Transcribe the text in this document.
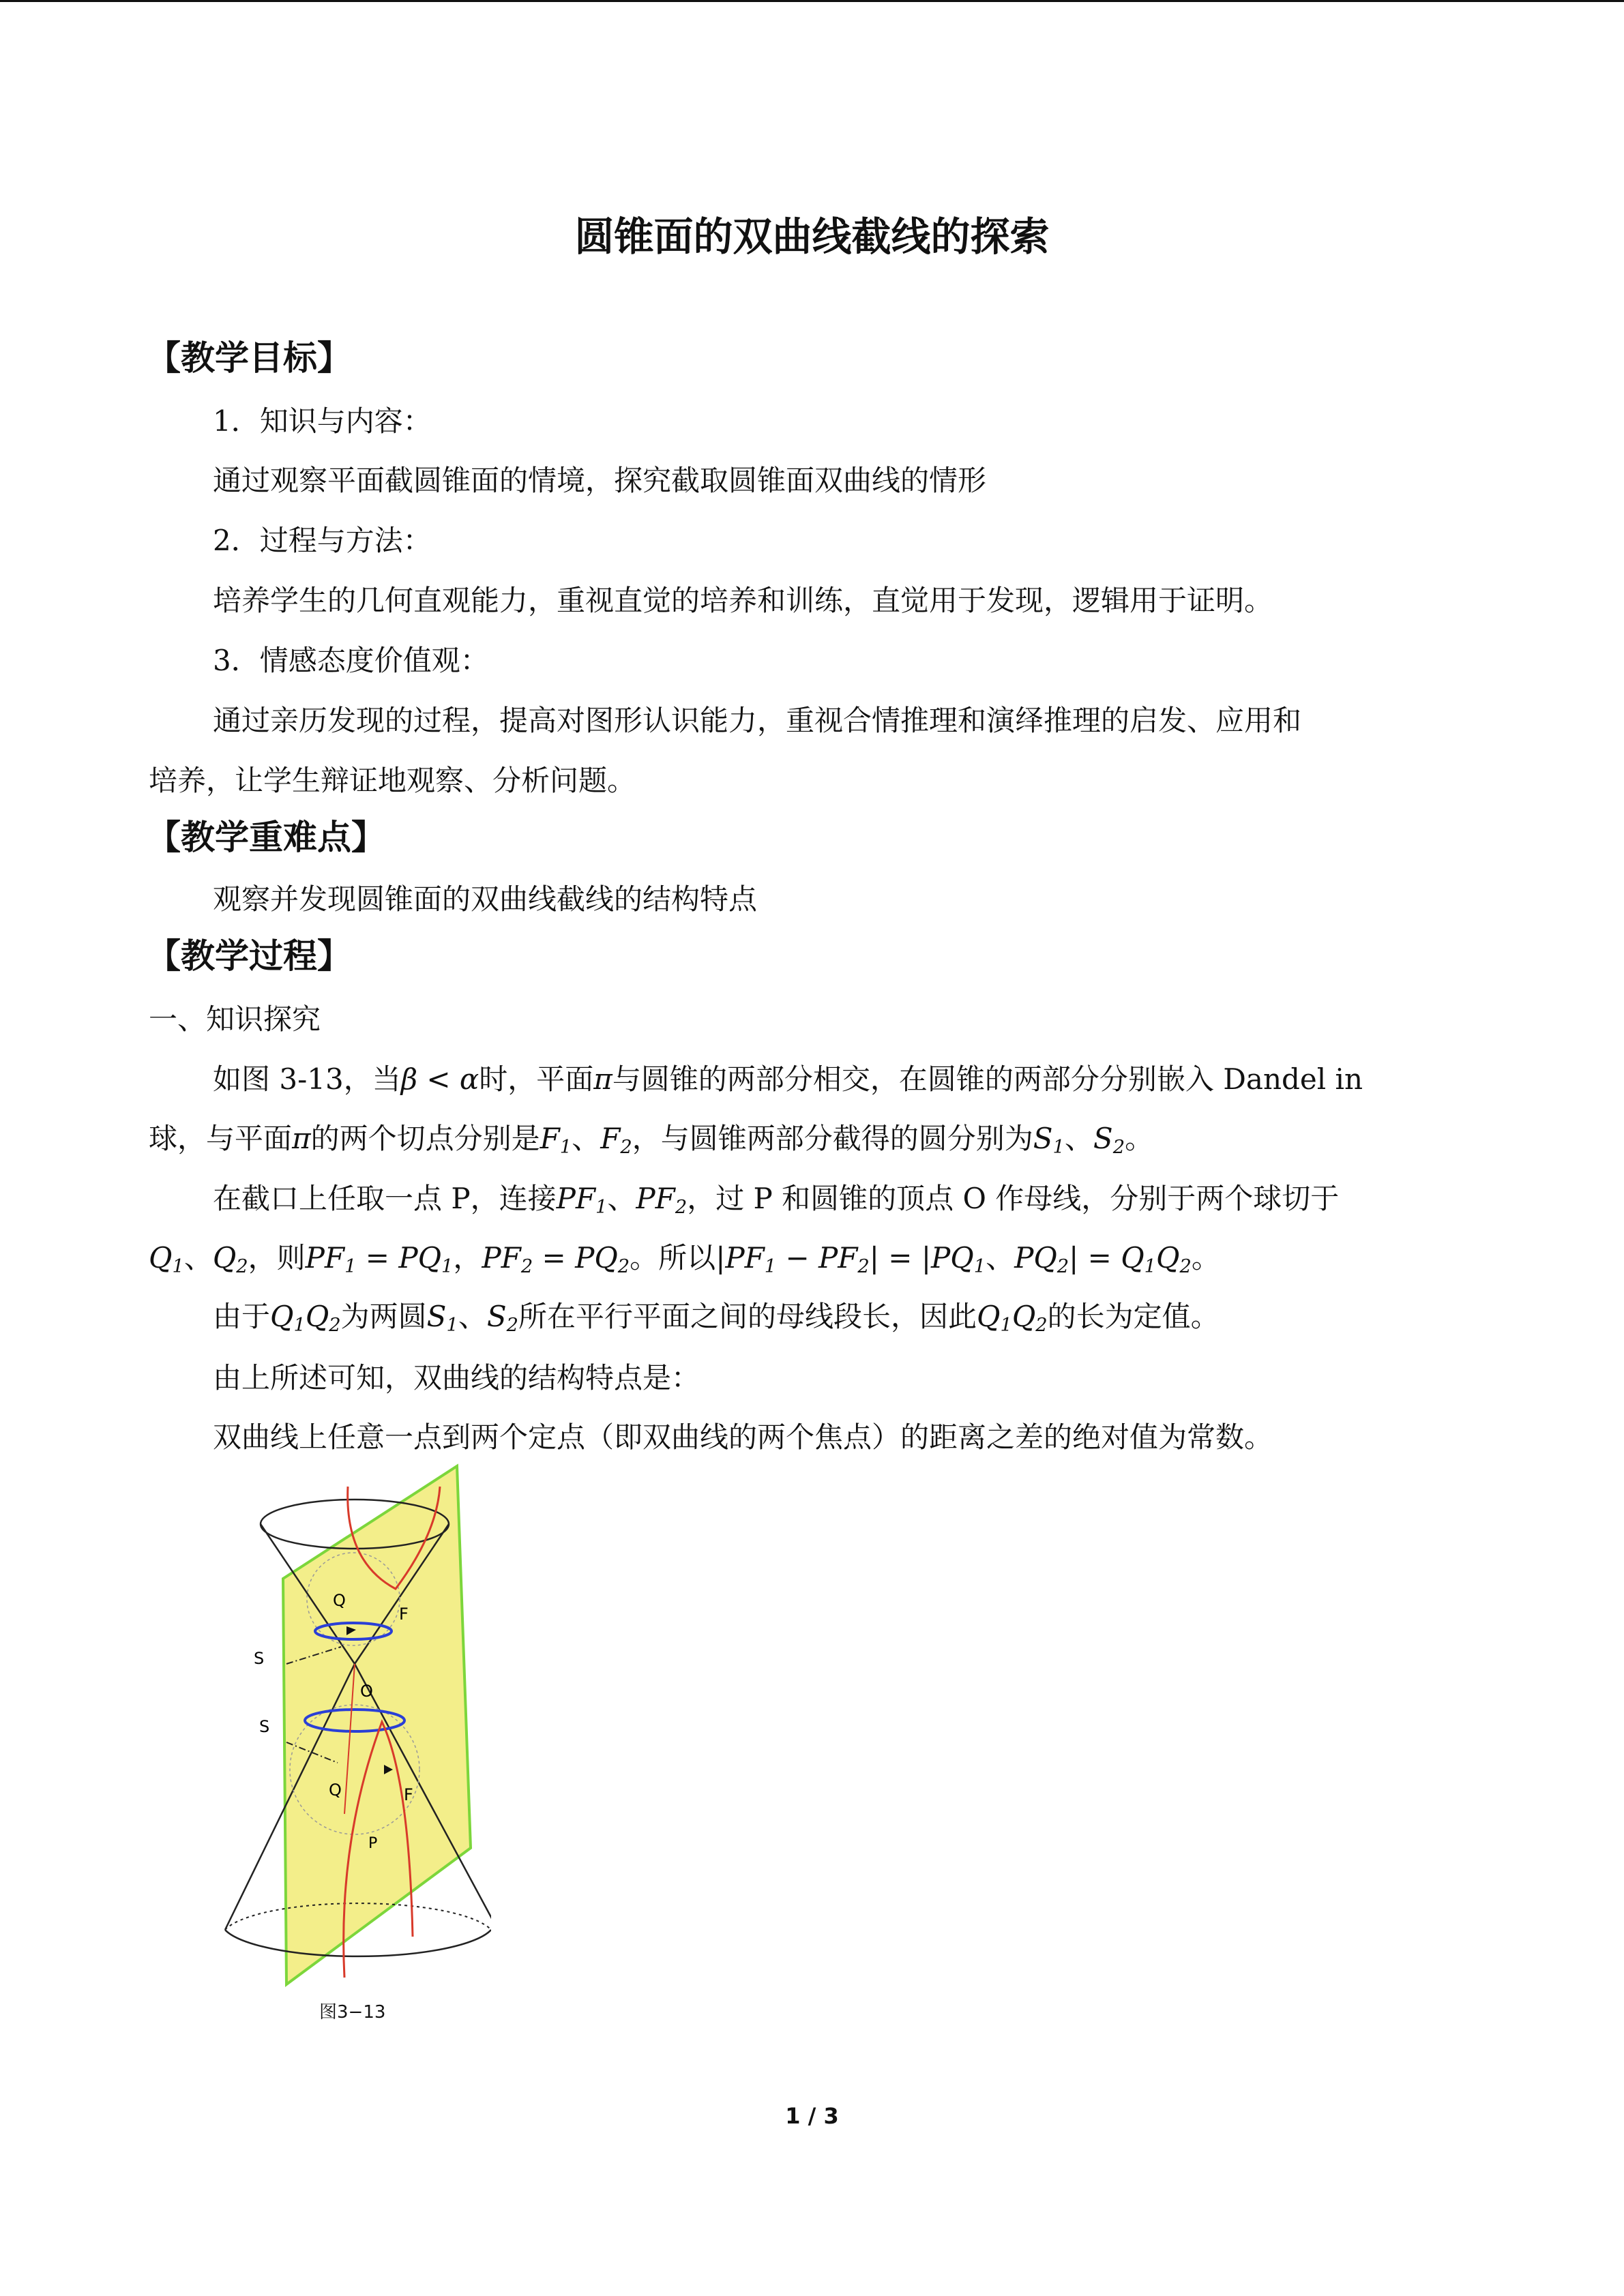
圆锥面的双曲线截线的探索
【教学目标】
1．知识与内容：
通过观察平面截圆锥面的情境，探究截取圆锥面双曲线的情形
2．过程与方法：
培养学生的几何直观能力，重视直觉的培养和训练，直觉用于发现，逻辑用于证明。
3．情感态度价值观：
通过亲历发现的过程，提高对图形认识能力，重视合情推理和演绎推理的启发、应用和
培养，让学生辩证地观察、分析问题。
【教学重难点】
观察并发现圆锥面的双曲线截线的结构特点
【教学过程】
一、知识探究
如图 3-13，当β < α时，平面π与圆锥的两部分相交，在圆锥的两部分分别嵌入 Dandel in
球，与平面π的两个切点分别是$F_1$、$F_2$，与圆锥两部分截得的圆分别为$S_1$、$S_2$。
在截口上任取一点 P，连接$PF_1$、$PF_2$，过 P 和圆锥的顶点 O 作母线，分别于两个球切于
$Q_1$、$Q_2$，则$PF_1 = PQ_1$，$PF_2 = PQ_2$。所以$|PF_1 - PF_2| = |PQ_1$、$PQ_2| = Q_1Q_2$。
由于$Q_1Q_2$为两圆$S_1$、$S_2$所在平行平面之间的母线段长，因此$Q_1Q_2$的长为定值。
由上所述可知，双曲线的结构特点是：
双曲线上任意一点到两个定点（即双曲线的两个焦点）的距离之差的绝对值为常数。
Q
F
S
O
S
Q	F
P
图3−13
1 / 3
